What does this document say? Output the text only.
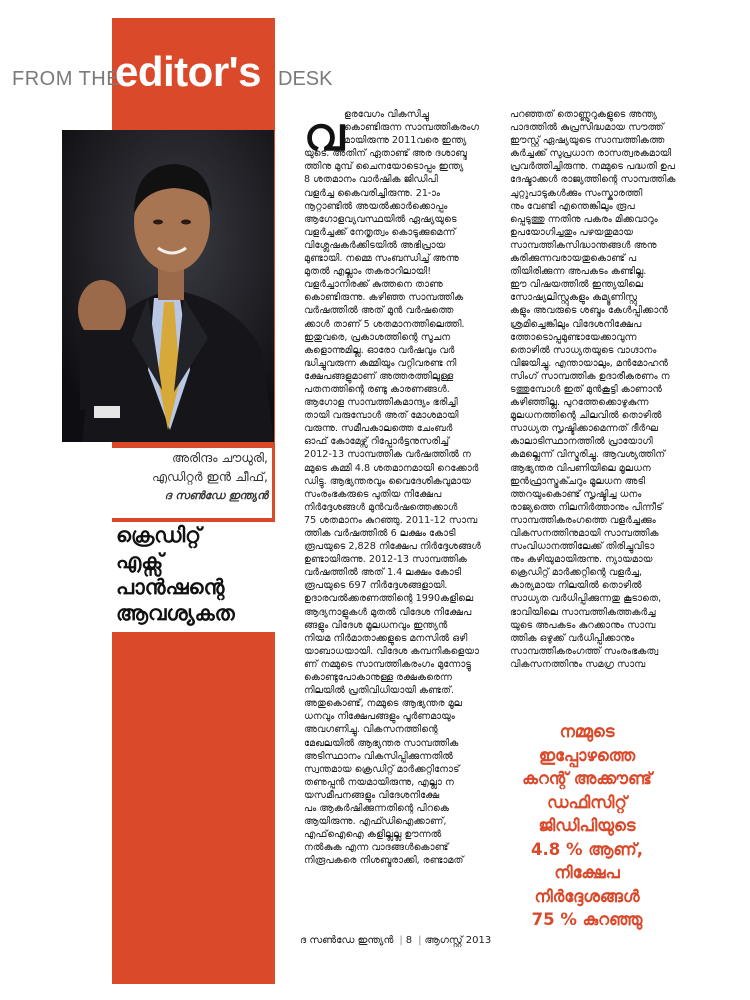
FROM THE
editor's DESK
അരിന്ദം ചൗധുരി,
എഡിറ്റർ ഇൻ ചീഫ്,
ദ സൺഡേ ഇന്ത്യൻ
ക്രെഡിറ്റ്
എക്സ്
പാൻഷന്റെ
ആവശ്യകത
വ ളരവേഗം വികസിച്ചു
കൊണ്ടിരുന്ന സാമ്പത്തികരംഗ
മായിരുന്നു 2011വരെ ഇന്ത്യ
യുടെ. അതിന് ഏതാണ്ട് അര ദശാബ്ദ
ത്തിനു മുമ്പ് ചൈനയോടൊപ്പം ഇന്ത്യ
8 ശതമാനം വാർഷിക ജിഡിപി
വളർച്ച കൈവരിച്ചിരുന്നു. 21-ാം
നൂറ്റാണ്ടിൽ അയൽക്കാർക്കൊപ്പം
ആഗോളവ്യവസ്ഥയിൽ ഏഷ്യയുടെ
വളർച്ചക്ക് നേതൃത്വം കൊടുക്കുമെന്ന്
വിശ്ലേഷകർക്കിടയിൽ അഭിപ്രായ
മുണ്ടായി. നമ്മെ സംബന്ധിച്ച് അന്നു
മുതൽ എല്ലാം തകരാറിലായി!
വളർച്ചാനിരക്ക് കുത്തനെ താണു
കൊണ്ടിരുന്നു. കഴിഞ്ഞ സാമ്പത്തിക
വർഷത്തിൽ അത് മുൻ വർഷത്തെ
ക്കാൾ താണ് 5 ശതമാനത്തിലെത്തി.
ഇതുവരെ, പ്രകാശത്തിന്റെ സൂചന
കളൊന്നുമില്ല. ഓരോ വർഷവും വർ
ദ്ധിച്ചുവരുന്ന കമ്മിയും വറ്റിവരണ്ട നി
ക്ഷേപങ്ങളുമാണ് അത്തരത്തിലുള്ള
പതനത്തിന്റെ രണ്ടു കാരണങ്ങൾ.
ആഗോള സാമ്പത്തികമാന്ദ്യം ഭരിച്ചി
തായി വരുമ്പോൾ അത് മോശമായി
വരുന്നു. സമീപകാലത്തെ ചേംബർ
ഓഫ് കോമേഴ്സ് റിപ്പോർട്ടനുസരിച്ച്
2012-13 സാമ്പത്തിക വർഷത്തിൽ ന
മ്മുടെ കമ്മി 4.8 ശതമാനമായി റെക്കോർ
ഡിട്ടു. ആഭ്യന്തരവും വൈദേശികവുമായ
സംരംഭകരുടെ പുതിയ നിക്ഷേപ
നിർദ്ദേശങ്ങൾ മുൻവർഷത്തെക്കാൾ
75 ശതമാനം കുറഞ്ഞു. 2011-12 സാമ്പ
ത്തിക വർഷത്തിൽ 6 ലക്ഷം കോടി
രൂപയുടെ 2,828 നിക്ഷേപ നിർദ്ദേശങ്ങൾ
ഉണ്ടായിരുന്നു. 2012-13 സാമ്പത്തിക
വർഷത്തിൽ അത് 1.4 ലക്ഷം കോടി
രൂപയുടെ 697 നിർദ്ദേശങ്ങളായി.
ഉദാരവൽക്കരണത്തിന്റെ 1990കളിലെ
ആദ്യനാളുകൾ മുതൽ വിദേശ നിക്ഷേപ
ങ്ങളും വിദേശ മൂലധനവും ഇന്ത്യൻ
നിയമ നിർമാതാക്കളുടെ മനസിൽ ഒഴി
യാബാധയായി. വിദേശ കമ്പനികളെയാ
ണ് നമ്മുടെ സാമ്പത്തികരംഗം മുന്നോട്ടു
കൊണ്ടുപോകാനുള്ള രക്ഷകരെന്ന
നിലയിൽ പ്രതിവിധിയായി കണ്ടത്.
അതുകൊണ്ട്, നമ്മുടെ ആഭ്യന്തര മൂല
ധനവും നിക്ഷേപങ്ങളും പൂർണമായും
അവഗണിച്ചു. വികസനത്തിന്റെ
മേഖലയിൽ ആഭ്യന്തര സാമ്പത്തിക
അടിസ്ഥാനം വികസിപ്പിക്കുന്നതിൽ
സ്വന്തമായ ക്രെഡിറ്റ് മാർക്കറ്റിനോട്
തണുപ്പൻ നയമായിരുന്നു, എല്ലാ ന
യസമീപനങ്ങളും വിദേശനിക്ഷേ
പം ആകർഷിക്കുന്നതിന്റെ പിറകെ
ആയിരുന്നു. എഫ്ഡിഐക്കാണ്,
എഫ്ഐഐ കളില്ലല്ല ഊന്നൽ
നൽകുക എന്ന വാദങ്ങൾകൊണ്ട്
നിരൂപകരെ നിശബ്ദരാക്കി, രണ്ടാമത്
പറഞ്ഞത് തൊണ്ണൂറുകളുടെ അന്ത്യ
പാദത്തിൽ കുപ്രസിദ്ധമായ സൗത്ത്
ഈസ്റ്റ് ഏഷ്യയുടെ സാമ്പത്തികത്ത
കർച്ചക്ക് സുപ്രധാന രാസത്വരകമായി
പ്രവർത്തിച്ചിരുന്നു. നമ്മുടെ പദ്ധതി ഉപ
ദേഷ്ടാക്കൾ രാജ്യത്തിന്റെ സാമ്പത്തിക
ചുറ്റുപാടുകൾക്കും സംസ്കാരത്തി
നും വേണ്ടി എന്തെങ്കിലും രൂപ
പ്പെടുത്തു ന്നതിനു പകരം മിക്കവാറും
ഉപയോഗിച്ചതും പഴയതുമായ
സാമ്പത്തികസിദ്ധാന്തങ്ങൾ അനു
കരിക്കുന്നവരായതുകൊണ്ട് പ
തിയിരിക്കുന്ന അപകടം കണ്ടില്ല.
ഈ വിഷയത്തിൽ ഇന്ത്യയിലെ
സോഷ്യലിസ്റ്റുകളും കമ്യൂണിസ്റ്റു
കളും അവരുടെ ശബ്ദം കേൾപ്പിക്കാൻ
ശ്രമിച്ചെങ്കിലും വിദേശനിക്ഷേപ
ത്തോടൊപ്പമുണ്ടായേക്കാവുന്ന
തൊഴിൽ സാധ്യതയുടെ വാഗ്ദാനം
വിജയിച്ചു. എന്തായാലും, മൻമോഹൻ
സിംഗ് സാമ്പത്തിക ഉദാരീകരണം ന
ടത്തുമ്പോൾ ഇത് മുൻകൂട്ടി കാണാൻ
കഴിഞ്ഞില്ല. പുറത്തേക്കൊഴുകുന്ന
മൂലധനത്തിന്റെ ചിലവിൽ തൊഴിൽ
സാധ്യത സൃഷ്ടിക്കാമെന്നത് ദീർഘ
കാലാടിസ്ഥാനത്തിൽ പ്രായോഗി
കമല്ലെന്ന് വിസ്മരിച്ചു. ആവശ്യത്തിന്
ആഭ്യന്തര വിപണിയിലെ മൂലധന
ഇൻഫ്രാസ്ട്രക്ചറും മൂലധന അടി
ത്തറയുംകൊണ്ട് സൃഷ്ടിച്ച ധനം
രാജ്യത്തെ നിലനിർത്താനും പിന്നീട്
സാമ്പത്തികരംഗത്തെ വളർച്ചക്കും
വികസനത്തിനുമായി സാമ്പത്തിക
സംവിധാനത്തിലേക്ക് തിരിച്ചുവിടാ
നും കഴിയുമായിരുന്നു. ന്യായമായ
ക്രെഡിറ്റ് മാർക്കറ്റിന്റെ വളർച്ച,
കാര്യമായ നിലയിൽ തൊഴിൽ
സാധ്യത വർധിപ്പിക്കുന്നതു കൂടാതെ,
ഭാവിയിലെ സാമ്പത്തികത്തകർച്ച
യുടെ അപകടം കുറക്കാനും സാമ്പ
ത്തിക ഒഴുക്ക് വർധിപ്പിക്കാനും
സാമ്പത്തികരംഗത്ത് സംരംഭകത്വ
വികസനത്തിനും സമഗ്ര സാമ്പ
നമ്മുടെ
ഇപ്പോഴത്തെ
കറന്റ് അക്കൗണ്ട്
ഡഫിസിറ്റ്
ജിഡിപിയുടെ
4.8 % ആണ്,
നിക്ഷേപ
നിർദ്ദേശങ്ങൾ
75 % കുറഞ്ഞു
ദ സൺഡേ ഇന്ത്യൻ | 8 | ആഗസ്റ്റ് 2013
